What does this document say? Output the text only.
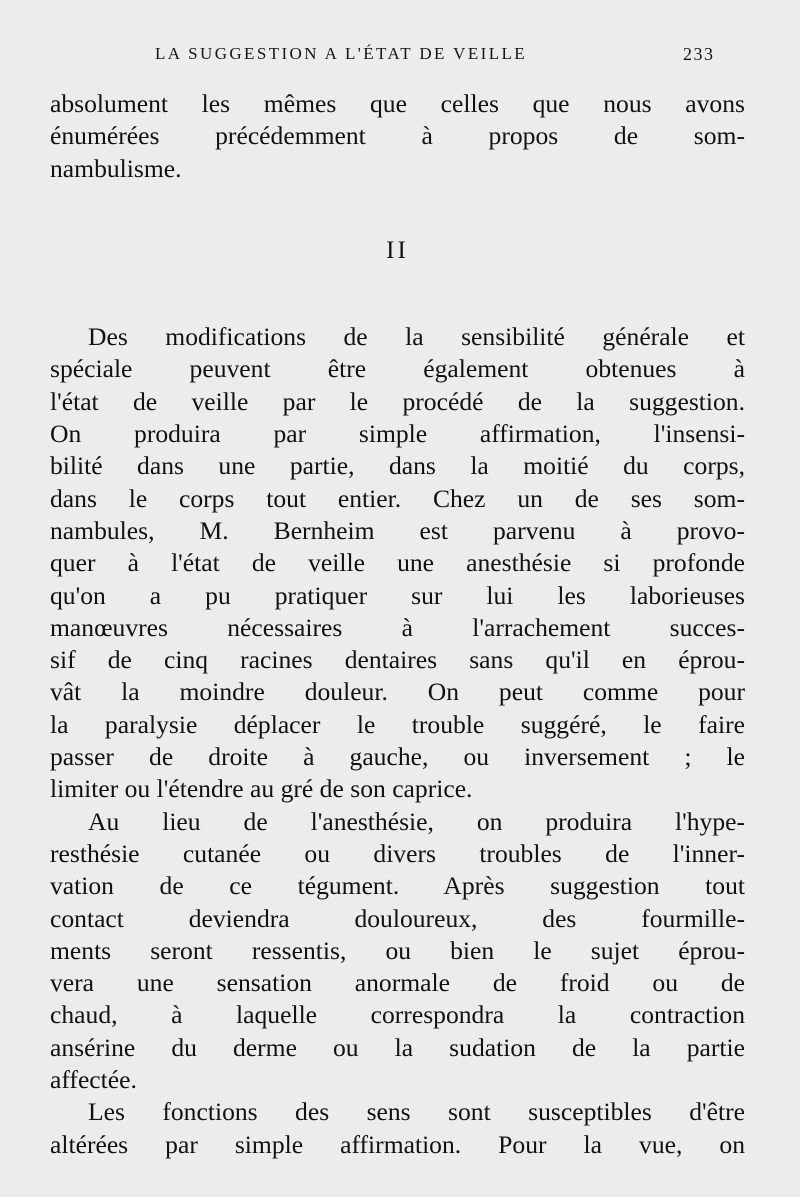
LA SUGGESTION A L'ÉTAT DE VEILLE	233
absolument les mêmes que celles que nous avons
énumérées précédemment à propos de som-
nambulisme.
II
Des modifications de la sensibilité générale et
spéciale peuvent être également obtenues à
l'état de veille par le procédé de la suggestion.
On produira par simple affirmation, l'insensi-
bilité dans une partie, dans la moitié du corps,
dans le corps tout entier. Chez un de ses som-
nambules, M. Bernheim est parvenu à provo-
quer à l'état de veille une anesthésie si profonde
qu'on a pu pratiquer sur lui les laborieuses
manœuvres nécessaires à l'arrachement succes-
sif de cinq racines dentaires sans qu'il en éprou-
vât la moindre douleur. On peut comme pour
la paralysie déplacer le trouble suggéré, le faire
passer de droite à gauche, ou inversement ; le
limiter ou l'étendre au gré de son caprice.
Au lieu de l'anesthésie, on produira l'hype-
resthésie cutanée ou divers troubles de l'inner-
vation de ce tégument. Après suggestion tout
contact deviendra douloureux, des fourmille-
ments seront ressentis, ou bien le sujet éprou-
vera une sensation anormale de froid ou de
chaud, à laquelle correspondra la contraction
ansérine du derme ou la sudation de la partie
affectée.
Les fonctions des sens sont susceptibles d'être
altérées par simple affirmation. Pour la vue, on
